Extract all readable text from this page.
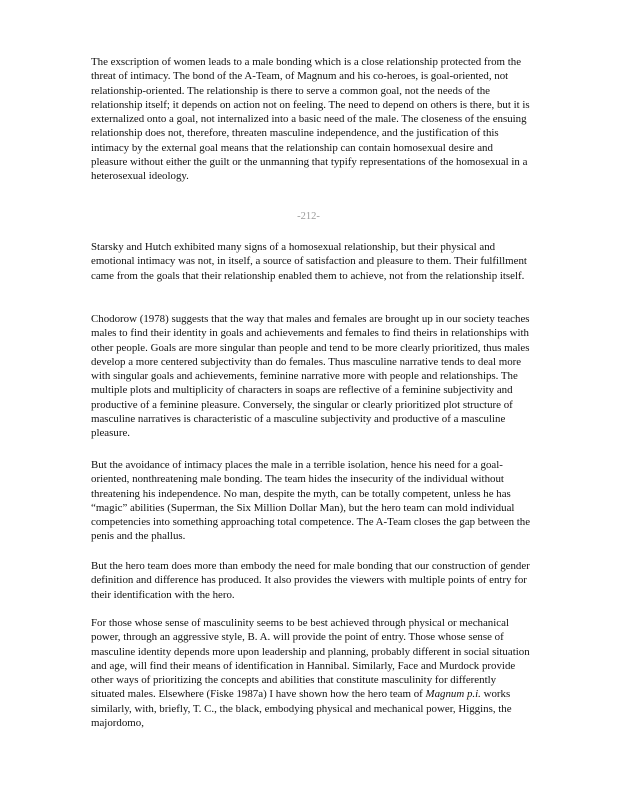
The exscription of women leads to a male bonding which is a close relationship protected from the threat of intimacy. The bond of the A-Team, of Magnum and his co-heroes, is goal-oriented, not relationship-oriented. The relationship is there to serve a common goal, not the needs of the relationship itself; it depends on action not on feeling. The need to depend on others is there, but it is externalized onto a goal, not internalized into a basic need of the male. The closeness of the ensuing relationship does not, therefore, threaten masculine independence, and the justification of this intimacy by the external goal means that the relationship can contain homosexual desire and pleasure without either the guilt or the unmanning that typify representations of the homosexual in a heterosexual ideology.

-212-

Starsky and Hutch exhibited many signs of a homosexual relationship, but their physical and emotional intimacy was not, in itself, a source of satisfaction and pleasure to them. Their fulfillment came from the goals that their relationship enabled them to achieve, not from the relationship itself.

Chodorow (1978) suggests that the way that males and females are brought up in our society teaches males to find their identity in goals and achievements and females to find theirs in relationships with other people. Goals are more singular than people and tend to be more clearly prioritized, thus males develop a more centered subjectivity than do females. Thus masculine narrative tends to deal more with singular goals and achievements, feminine narrative more with people and relationships. The multiple plots and multiplicity of characters in soaps are reflective of a feminine subjectivity and productive of a feminine pleasure. Conversely, the singular or clearly prioritized plot structure of masculine narratives is characteristic of a masculine subjectivity and productive of a masculine pleasure.

But the avoidance of intimacy places the male in a terrible isolation, hence his need for a goal-oriented, nonthreatening male bonding. The team hides the insecurity of the individual without threatening his independence. No man, despite the myth, can be totally competent, unless he has “magic” abilities (Superman, the Six Million Dollar Man), but the hero team can mold individual competencies into something approaching total competence. The A-Team closes the gap between the penis and the phallus.

But the hero team does more than embody the need for male bonding that our construction of gender definition and difference has produced. It also provides the viewers with multiple points of entry for their identification with the hero.

For those whose sense of masculinity seems to be best achieved through physical or mechanical power, through an aggressive style, B. A. will provide the point of entry. Those whose sense of masculine identity depends more upon leadership and planning, probably different in social situation and age, will find their means of identification in Hannibal. Similarly, Face and Murdock provide other ways of prioritizing the concepts and abilities that constitute masculinity for differently situated males. Elsewhere (Fiske 1987a) I have shown how the hero team of Magnum p.i. works similarly, with, briefly, T. C., the black, embodying physical and mechanical power, Higgins, the majordomo,
